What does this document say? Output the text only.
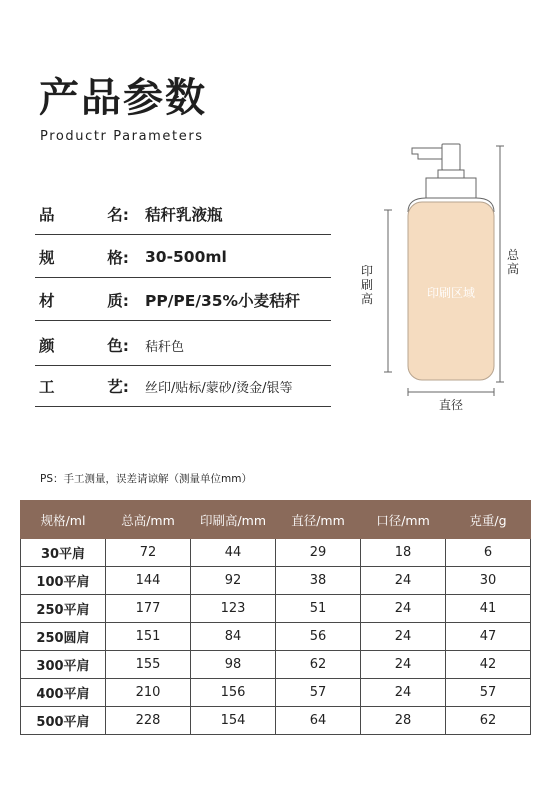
产品参数
Productr Parameters
品	名:	秸秆乳液瓶
规	格:	30-500ml
材	质:	PP/PE/35%小麦秸秆
颜	色:	秸秆色
工	艺:	丝印/贴标/蒙砂/烫金/银等
印刷区域
印刷高
总高
直径
PS：手工测量，误差请谅解（测量单位mm）
规格/ml	总高/mm	印刷高/mm	直径/mm	口径/mm	克重/g
30平肩	72	44	29	18	6
100平肩	144	92	38	24	30
250平肩	177	123	51	24	41
250圆肩	151	84	56	24	47
300平肩	155	98	62	24	42
400平肩	210	156	57	24	57
500平肩	228	154	64	28	62
